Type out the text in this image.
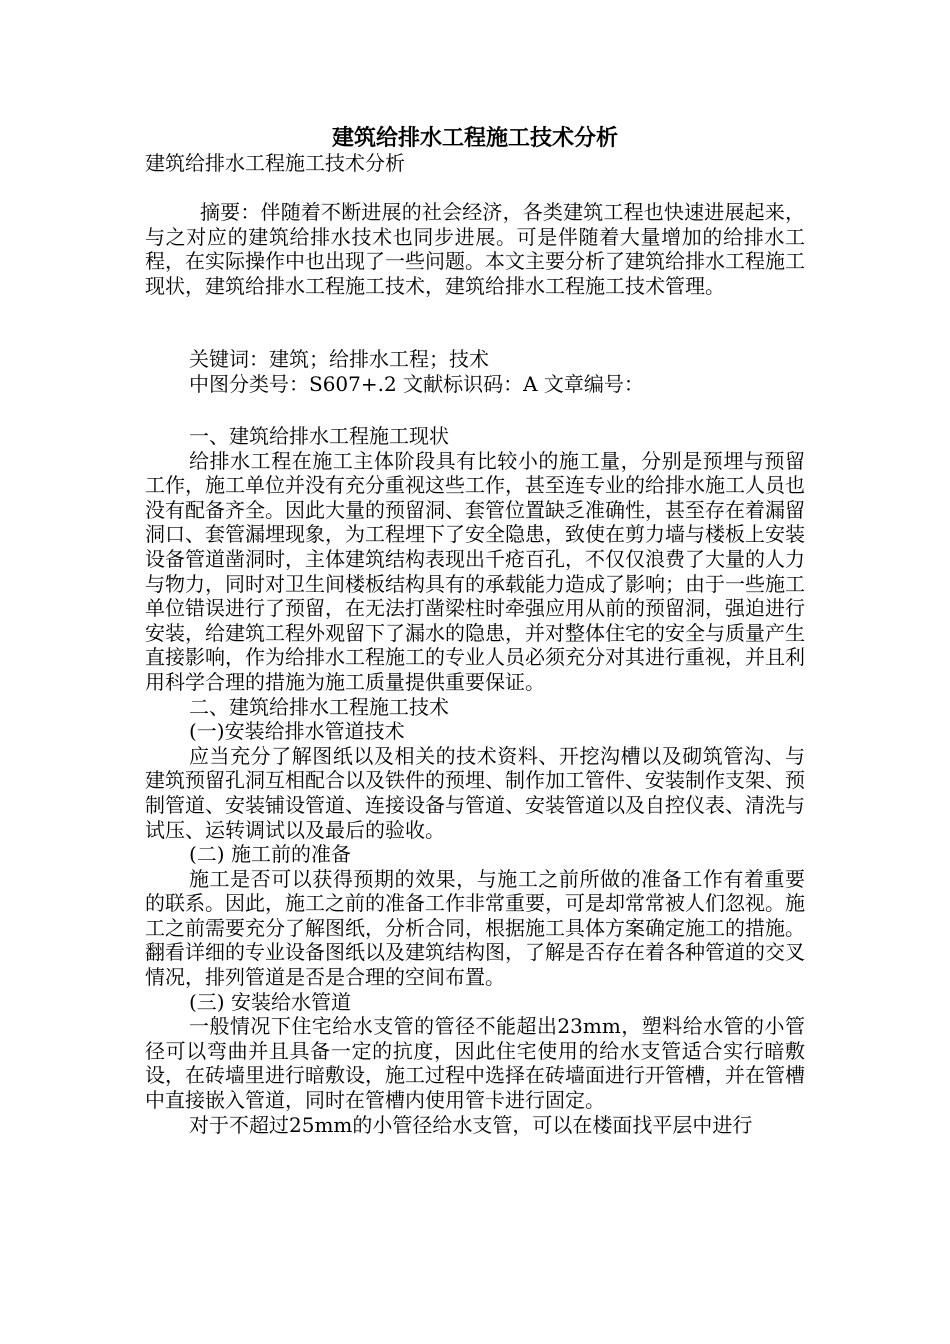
建筑给排水工程施工技术分析
建筑给排水工程施工技术分析

摘要：伴随着不断进展的社会经济，各类建筑工程也快速进展起来，与之对应的建筑给排水技术也同步进展。可是伴随着大量增加的给排水工程，在实际操作中也出现了一些问题。本文主要分析了建筑给排水工程施工现状，建筑给排水工程施工技术，建筑给排水工程施工技术管理。

关键词：建筑；给排水工程；技术

中图分类号：S607+.2 文献标识码：A 文章编号：

一、建筑给排水工程施工现状

给排水工程在施工主体阶段具有比较小的施工量，分别是预埋与预留工作，施工单位并没有充分重视这些工作，甚至连专业的给排水施工人员也没有配备齐全。因此大量的预留洞、套管位置缺乏准确性，甚至存在着漏留洞口、套管漏埋现象，为工程埋下了安全隐患，致使在剪力墙与楼板上安装设备管道凿洞时，主体建筑结构表现出千疮百孔，不仅仅浪费了大量的人力与物力，同时对卫生间楼板结构具有的承载能力造成了影响；由于一些施工单位错误进行了预留，在无法打凿梁柱时牵强应用从前的预留洞，强迫进行安装，给建筑工程外观留下了漏水的隐患，并对整体住宅的安全与质量产生直接影响，作为给排水工程施工的专业人员必须充分对其进行重视，并且利用科学合理的措施为施工质量提供重要保证。

二、建筑给排水工程施工技术

(一)安装给排水管道技术

应当充分了解图纸以及相关的技术资料、开挖沟槽以及砌筑管沟、与建筑预留孔洞互相配合以及铁件的预埋、制作加工管件、安装制作支架、预制管道、安装铺设管道、连接设备与管道、安装管道以及自控仪表、清洗与试压、运转调试以及最后的验收。

(二) 施工前的准备

施工是否可以获得预期的效果，与施工之前所做的准备工作有着重要的联系。因此，施工之前的准备工作非常重要，可是却常常被人们忽视。施工之前需要充分了解图纸，分析合同，根据施工具体方案确定施工的措施。翻看详细的专业设备图纸以及建筑结构图，了解是否存在着各种管道的交叉情况，排列管道是否是合理的空间布置。

(三) 安装给水管道

一般情况下住宅给水支管的管径不能超出23mm，塑料给水管的小管径可以弯曲并且具备一定的抗度，因此住宅使用的给水支管适合实行暗敷设，在砖墙里进行暗敷设，施工过程中选择在砖墙面进行开管槽，并在管槽中直接嵌入管道，同时在管槽内使用管卡进行固定。

对于不超过25mm的小管径给水支管，可以在楼面找平层中进行
